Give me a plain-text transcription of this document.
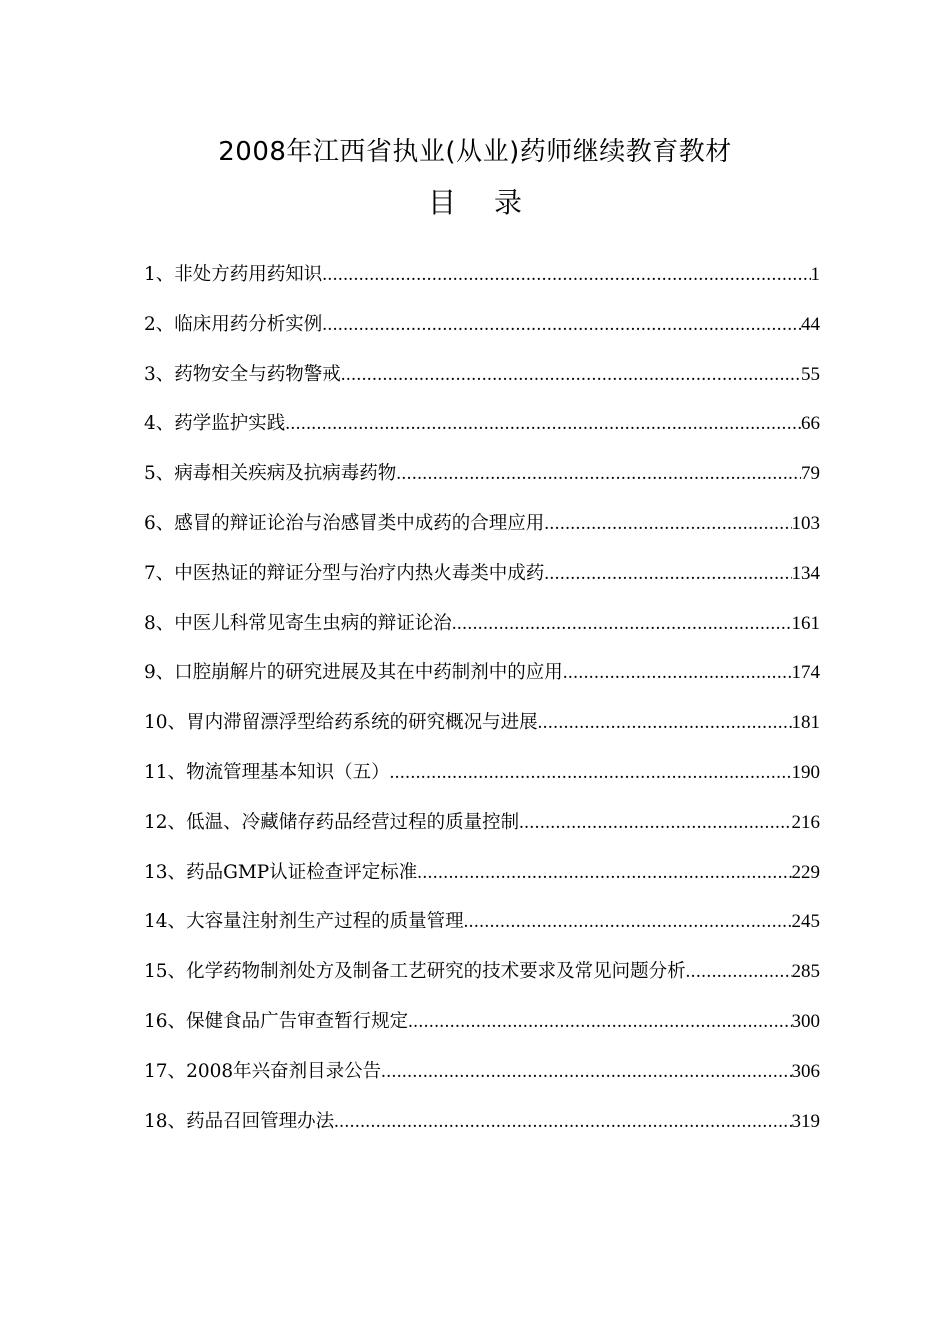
2008年江西省执业(从业)药师继续教育教材
目录
1、非处方药用药知识 .....	1
2、临床用药分析实例 .....	44
3、药物安全与药物警戒 .....	55
4、药学监护实践 .....	66
5、病毒相关疾病及抗病毒药物 .....	79
6、感冒的辩证论治与治感冒类中成药的合理应用 .....	103
7、中医热证的辩证分型与治疗内热火毒类中成药 .....	134
8、中医儿科常见寄生虫病的辩证论治 .....	161
9、口腔崩解片的研究进展及其在中药制剂中的应用 .....	174
10、胃内滞留漂浮型给药系统的研究概况与进展 .....	181
11、物流管理基本知识（五） .....	190
12、低温、冷藏储存药品经营过程的质量控制 .....	216
13、药品GMP认证检查评定标准 .....	229
14、大容量注射剂生产过程的质量管理 .....	245
15、化学药物制剂处方及制备工艺研究的技术要求及常见问题分析 .....	285
16、保健食品广告审查暂行规定 .....	300
17、2008年兴奋剂目录公告 .....	306
18、药品召回管理办法 .....	319
